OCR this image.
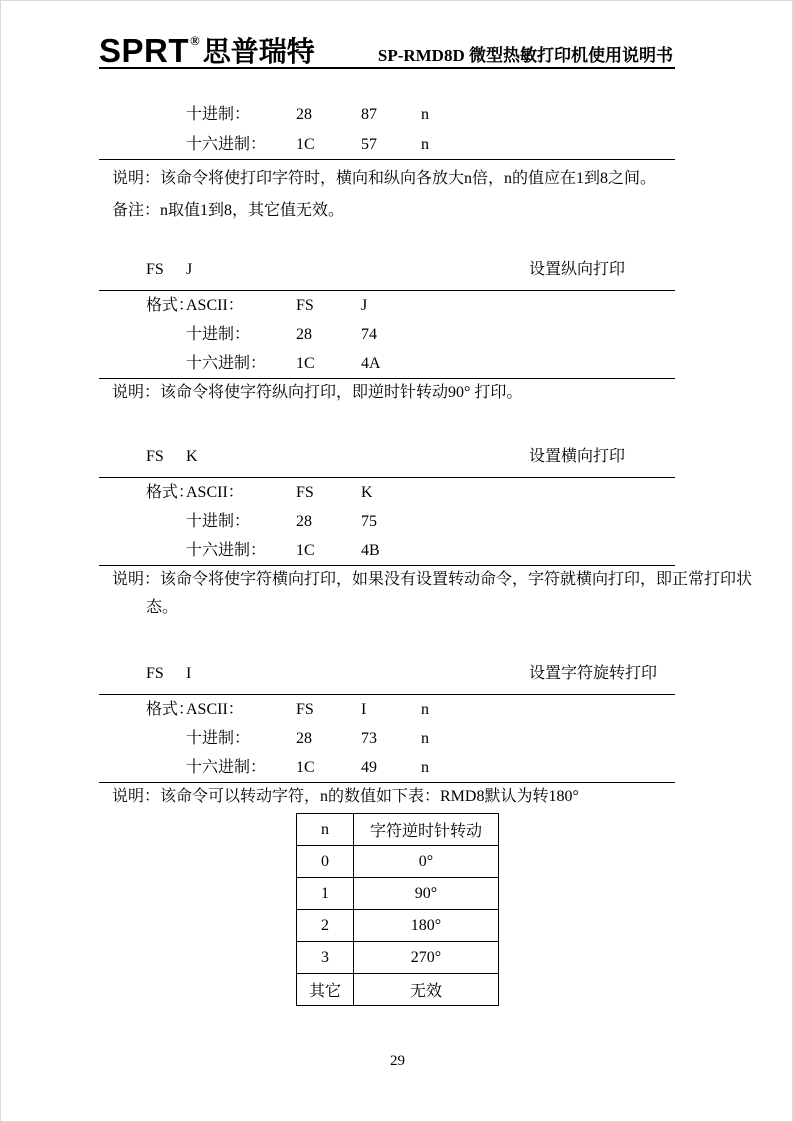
SPRT ® 思普瑞特	SP-RMD8D 微型热敏打印机使用说明书
十进制：	28	87	n
十六进制：	1C	57	n
说明：该命令将使打印字符时，横向和纵向各放大n倍，n的值应在1到8之间。
备注：n取值1到8，其它值无效。
FS J	设置纵向打印
格式：
ASCII：	FS	J
十进制：	28	74
十六进制：	1C	4A
说明：该命令将使字符纵向打印，即逆时针转动90° 打印。
FS K	设置横向打印
格式：
ASCII：	FS	K
十进制：	28	75
十六进制：	1C	4B
说明：该命令将使字符横向打印，如果没有设置转动命令，字符就横向打印，即正常打印状
态。
FS I	设置字符旋转打印
格式：
ASCII：	FS	I	n
十进制：	28	73	n
十六进制：	1C	49	n
说明：该命令可以转动字符，n的数值如下表：RMD8默认为转180°
n	字符逆时针转动
0	0°
1	90°
2	180°
3	270°
其它	无效
29
